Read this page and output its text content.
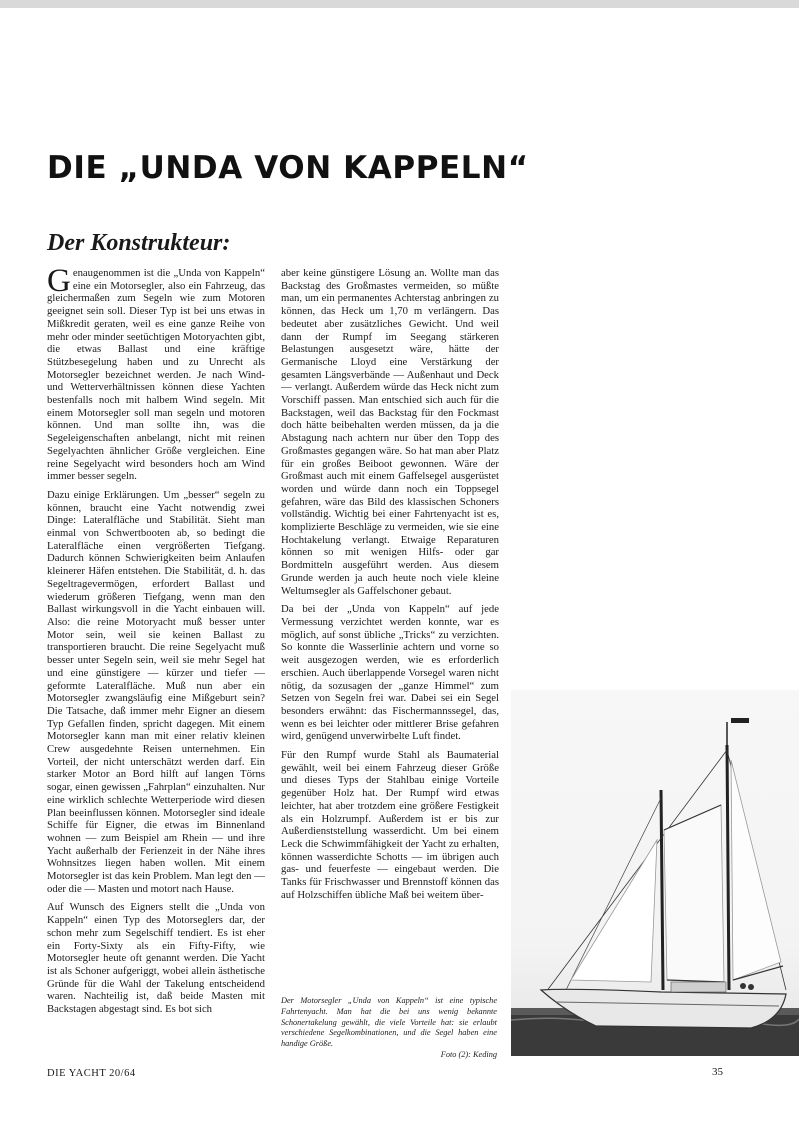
DIE „UNDA VON KAPPELN“
Der Konstrukteur:

Genaugenommen ist die „Unda von Kappeln“ eine ein Motorsegler, also ein Fahrzeug, das gleichermaßen zum Segeln wie zum Motoren geeignet sein soll. Dieser Typ ist bei uns etwas in Mißkredit geraten, weil es eine ganze Reihe von mehr oder minder seetüchtigen Motoryachten gibt, die etwas Ballast und eine kräftige Stützbesegelung haben und zu Unrecht als Motorsegler bezeichnet werden. Je nach Wind- und Wetterverhältnissen können diese Yachten bestenfalls noch mit halbem Wind segeln. Mit einem Motorsegler soll man segeln und motoren können. Und man sollte ihn, was die Segeleigenschaften anbelangt, nicht mit reinen Segelyachten ähnlicher Größe vergleichen. Eine reine Segelyacht wird besonders hoch am Wind immer besser segeln.

Dazu einige Erklärungen. Um „besser“ segeln zu können, braucht eine Yacht notwendig zwei Dinge: Lateralfläche und Stabilität. Sieht man einmal von Schwertbooten ab, so bedingt die Lateralfläche einen vergrößerten Tiefgang. Dadurch können Schwierigkeiten beim Anlaufen kleinerer Häfen entstehen. Die Stabilität, d. h. das Segeltragevermögen, erfordert Ballast und wiederum größeren Tiefgang, wenn man den Ballast wirkungsvoll in die Yacht einbauen will. Also: die reine Motoryacht muß besser unter Motor sein, weil sie keinen Ballast zu transportieren braucht. Die reine Segelyacht muß besser unter Segeln sein, weil sie mehr Segel hat und eine günstigere — kürzer und tiefer — geformte Lateralfläche. Muß nun aber ein Motorsegler zwangsläufig eine Mißgeburt sein? Die Tatsache, daß immer mehr Eigner an diesem Typ Gefallen finden, spricht dagegen. Mit einem Motorsegler kann man mit einer relativ kleinen Crew ausgedehnte Reisen unternehmen. Ein Vorteil, der nicht unterschätzt werden darf. Ein starker Motor an Bord hilft auf langen Törns sogar, einen gewissen „Fahrplan“ einzuhalten. Nur eine wirklich schlechte Wetterperiode wird diesen Plan beeinflussen können. Motorsegler sind ideale Schiffe für Eigner, die etwas im Binnenland wohnen — zum Beispiel am Rhein — und ihre Yacht außerhalb der Ferienzeit in der Nähe ihres Wohnsitzes liegen haben wollen. Mit einem Motorsegler ist das kein Problem. Man legt den — oder die — Masten und motort nach Hause.

Auf Wunsch des Eigners stellt die „Unda von Kappeln“ einen Typ des Motorseglers dar, der schon mehr zum Segelschiff tendiert. Es ist eher ein Forty-Sixty als ein Fifty-Fifty, wie Motorsegler heute oft genannt werden. Die Yacht ist als Schoner aufgeriggt, wobei allein ästhetische Gründe für die Wahl der Takelung entscheidend waren. Nachteilig ist, daß beide Masten mit Backstagen abgestagt sind. Es bot sich

aber keine günstigere Lösung an. Wollte man das Backstag des Großmastes vermeiden, so müßte man, um ein permanentes Achterstag anbringen zu können, das Heck um 1,70 m verlängern. Das bedeutet aber zusätzliches Gewicht. Und weil dann der Rumpf im Seegang stärkeren Belastungen ausgesetzt wäre, hätte der Germanische Lloyd eine Verstärkung der gesamten Längsverbände — Außenhaut und Deck — verlangt. Außerdem würde das Heck nicht zum Vorschiff passen. Man entschied sich auch für die Backstagen, weil das Backstag für den Fockmast doch hätte beibehalten werden müssen, da ja die Abstagung nach achtern nur über den Topp des Großmastes gegangen wäre. So hat man aber Platz für ein großes Beiboot gewonnen. Wäre der Großmast auch mit einem Gaffelsegel ausgerüstet worden und würde dann noch ein Toppsegel gefahren, wäre das Bild des klassischen Schoners vollständig. Wichtig bei einer Fahrtenyacht ist es, komplizierte Beschläge zu vermeiden, wie sie eine Hochtakelung verlangt. Etwaige Reparaturen können so mit wenigen Hilfs- oder gar Bordmitteln ausgeführt werden. Aus diesem Grunde werden ja auch heute noch viele kleine Weltumsegler als Gaffelschoner gebaut.

Da bei der „Unda von Kappeln“ auf jede Vermessung verzichtet werden konnte, war es möglich, auf sonst übliche „Tricks“ zu verzichten. So konnte die Wasserlinie achtern und vorne so weit ausgezogen werden, wie es erforderlich erschien. Auch überlappende Vorsegel waren nicht nötig, da sozusagen der „ganze Himmel“ zum Setzen von Segeln frei war. Dabei sei ein Segel besonders erwähnt: das Fischermannssegel, das, wenn es bei leichter oder mittlerer Brise gefahren wird, genügend unverwirbelte Luft findet.

Für den Rumpf wurde Stahl als Baumaterial gewählt, weil bei einem Fahrzeug dieser Größe und dieses Typs der Stahlbau einige Vorteile gegenüber Holz hat. Der Rumpf wird etwas leichter, hat aber trotzdem eine größere Festigkeit als ein Holzrumpf. Außerdem ist er bis zur Außerdienststellung wasserdicht. Um bei einem Leck die Schwimmfähigkeit der Yacht zu erhalten, können wasserdichte Schotts — im übrigen auch gas- und feuerfeste — eingebaut werden. Die Tanks für Frischwasser und Brennstoff können das auf Holzschiffen übliche Maß bei weitem über-

Der Motorsegler „Unda von Kappeln“ ist eine typische Fahrtenyacht. Man hat die bei uns wenig bekannte Schonertakelung gewählt, die viele Vorteile hat: sie erlaubt verschiedene Segelkombinationen, und die Segel haben eine handige Größe.
Foto (2): Keding
DIE YACHT 20/64	35
